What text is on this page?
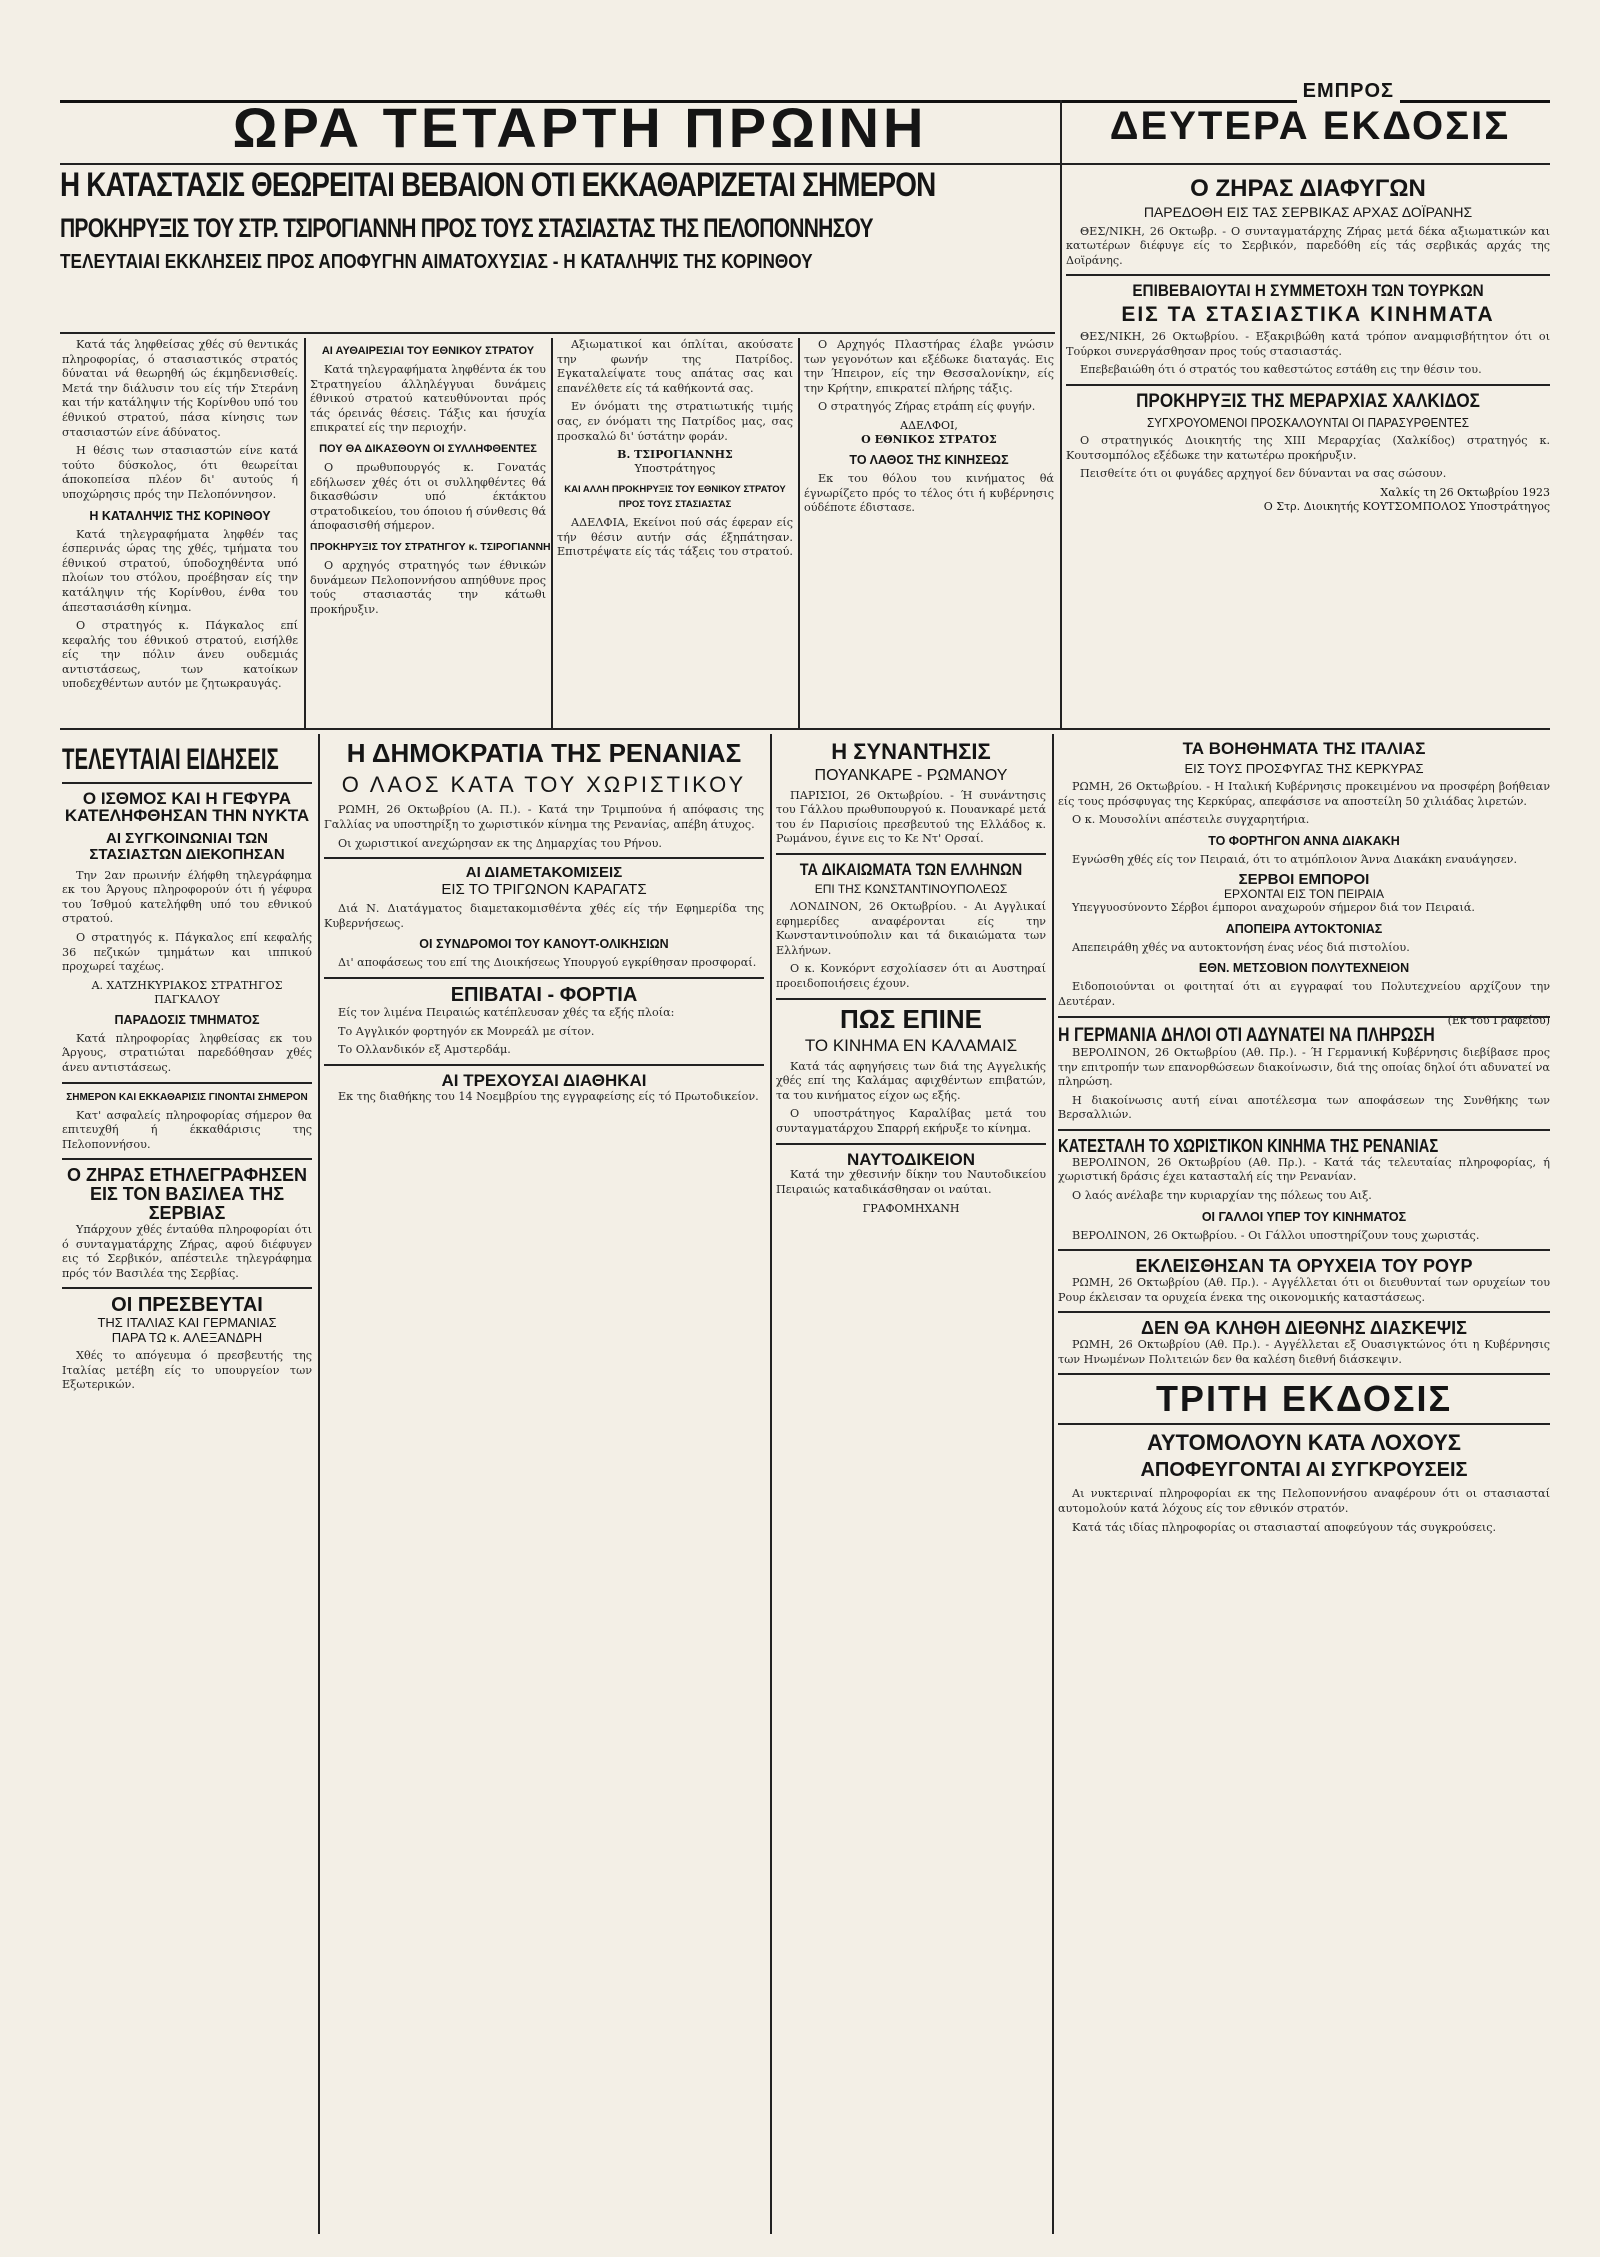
ΕΜΠΡΟΣ
ΩΡΑ ΤΕΤΑΡΤΗ ΠΡΩΙΝΗ	ΔΕΥΤΕΡΑ ΕΚΔΟΣΙΣ
Η ΚΑΤΑΣΤΑΣΙΣ ΘΕΩΡΕΙΤΑΙ ΒΕΒΑΙΟΝ ΟΤΙ ΕΚΚΑΘΑΡΙΖΕΤΑΙ ΣΗΜΕΡΟΝ
ΠΡΟΚΗΡΥΞΙΣ ΤΟΥ ΣΤΡ. ΤΣΙΡΟΓΙΑΝΝΗ ΠΡΟΣ ΤΟΥΣ ΣΤΑΣΙΑΣΤΑΣ ΤΗΣ ΠΕΛΟΠΟΝΝΗΣΟΥ
ΤΕΛΕΥΤΑΙΑΙ ΕΚΚΛΗΣΕΙΣ ΠΡΟΣ ΑΠΟΦΥΓΗΝ ΑΙΜΑΤΟΧΥΣΙΑΣ - Η ΚΑΤΑΛΗΨΙΣ ΤΗΣ ΚΟΡΙΝΘΟΥ

Κατά τάς ληφθείσας χθές σύ θεντικάς πληροφορίας, ό στασιαστικός στρατός δύναται νά θεωρηθή ώς έκμηδενισθείς. Μετά την διάλυσιν του είς τήν Στεράνη και τήν κατάληψιν τής Κορίνθου υπό του έθνικού στρατού, πάσα κίνησις των στασιαστών είνε άδύνατος.

Η θέσις των στασιαστών είνε κατά τούτο δύσκολος, ότι θεωρείται άποκοπείσα πλέον δι' αυτούς ή υποχώρησις πρός την Πελοπόννησον.

Η ΚΑΤΑΛΗΨΙΣ ΤΗΣ ΚΟΡΙΝΘΟΥ

Κατά τηλεγραφήματα ληφθέν τας έσπερινάς ώρας της χθές, τμήματα του έθνικού στρατού, ύποδοχηθέντα υπό πλοίων του στόλου, προέβησαν είς την κατάληψιν τής Κορίνθου, ένθα του άπεστασιάσθη κίνημα.

Ο στρατηγός κ. Πάγκαλος επί κεφαλής του έθνικού στρατού, εισήλθε είς την πόλιν άνευ ουδεμιάς αντιστάσεως, των κατοίκων υποδεχθέντων αυτόν με ζητωκραυγάς.

ΑΙ ΑΥΘΑΙΡΕΣΙΑΙ ΤΟΥ ΕΘΝΙΚΟΥ ΣΤΡΑΤΟΥ

Κατά τηλεγραφήματα ληφθέντα έκ του Στρατηγείου άλληλέγγυαι δυνάμεις έθνικού στρατού κατευθύνονται πρός τάς όρεινάς θέσεις. Τάξις και ήσυχία επικρατεί είς την περιοχήν.

ΠΟΥ ΘΑ ΔΙΚΑΣΘΟΥΝ ΟΙ ΣΥΛΛΗΦΘΕΝΤΕΣ

Ο πρωθυπουργός κ. Γονατάς εδήλωσεν χθές ότι οι συλληφθέντες θά δικασθώσιν υπό έκτάκτου στρατοδικείου, του όποιου ή σύνθεσις θά άποφασισθή σήμερον.

ΠΡΟΚΗΡΥΞΙΣ ΤΟΥ ΣΤΡΑΤΗΓΟΥ κ. ΤΣΙΡΟΓΙΑΝΝΗ

Ο αρχηγός στρατηγός των έθνικών δυνάμεων Πελοποννήσου απηύθυνε προς τούς στασιαστάς την κάτωθι προκήρυξιν.

Αξιωματικοί και όπλίται, ακούσατε την φωνήν της Πατρίδος. Εγκαταλείψατε τους απάτας σας και επανέλθετε είς τά καθήκοντά σας.

Εν όνόματι της στρατιωτικής τιμής σας, εν όνόματι της Πατρίδος μας, σας προσκαλώ δι' ύστάτην φοράν.

Β. ΤΣΙΡΟΓΙΑΝΝΗΣ
Υποστράτηγος
ΚΑΙ ΑΛΛΗ ΠΡΟΚΗΡΥΞΙΣ ΤΟΥ ΕΘΝΙΚΟΥ ΣΤΡΑΤΟΥ ΠΡΟΣ ΤΟΥΣ ΣΤΑΣΙΑΣΤΑΣ

ΑΔΕΛΦΙΑ, Εκείνοι πού σάς έφεραν είς τήν θέσιν αυτήν σάς έξηπάτησαν. Επιστρέψατε είς τάς τάξεις του στρατού.

Ο Αρχηγός Πλαστήρας έλαβε γνώσιν των γεγονότων και εξέδωκε διαταγάς. Εις την Ήπειρον, είς την Θεσσαλονίκην, είς την Κρήτην, επικρατεί πλήρης τάξις.

Ο στρατηγός Ζήρας ετράπη είς φυγήν.

ΑΔΕΛΦΟΙ,
Ο ΕΘΝΙΚΟΣ ΣΤΡΑΤΟΣ
ΤΟ ΛΑΘΟΣ ΤΗΣ ΚΙΝΗΣΕΩΣ

Εκ του θόλου του κινήματος θά έγνωρίζετο πρός το τέλος ότι ή κυβέρνησις ούδέποτε έδιστασε.

Ο ΖΗΡΑΣ ΔΙΑΦΥΓΩΝ
ΠΑΡΕΔΟΘΗ ΕΙΣ ΤΑΣ ΣΕΡΒΙΚΑΣ ΑΡΧΑΣ ΔΟΪΡΑΝΗΣ

ΘΕΣ/ΝΙΚΗ, 26 Οκτωβρ. - Ο συνταγματάρχης Ζήρας μετά δέκα αξιωματικών και κατωτέρων διέφυγε είς το Σερβικόν, παρεδόθη είς τάς σερβικάς αρχάς της Δοϊράνης.

ΕΠΙΒΕΒΑΙΟΥΤΑΙ Η ΣΥΜΜΕΤΟΧΗ ΤΩΝ ΤΟΥΡΚΩΝ
ΕΙΣ ΤΑ ΣΤΑΣΙΑΣΤΙΚΑ ΚΙΝΗΜΑΤΑ

ΘΕΣ/ΝΙΚΗ, 26 Οκτωβρίου. - Εξακριβώθη κατά τρόπον αναμφισβήτητον ότι οι Τούρκοι συνεργάσθησαν προς τούς στασιαστάς.

Επεβεβαιώθη ότι ό στρατός του καθεστώτος εστάθη εις την θέσιν του.

ΠΡΟΚΗΡΥΞΙΣ ΤΗΣ ΜΕΡΑΡΧΙΑΣ ΧΑΛΚΙΔΟΣ
ΣΥΓΧΡΟΥΟΜΕΝΟΙ ΠΡΟΣΚΑΛΟΥΝΤΑΙ ΟΙ ΠΑΡΑΣΥΡΘΕΝΤΕΣ

Ο στρατηγικός Διοικητής της ΧΙΙΙ Μεραρχίας (Χαλκίδος) στρατηγός κ. Κουτσομπόλος εξέδωκε την κατωτέρω προκήρυξιν.

Πεισθείτε ότι οι φυγάδες αρχηγοί δεν δύνανται να σας σώσουν.

Χαλκίς τη 26 Οκτωβρίου 1923
Ο Στρ. Διοικητής ΚΟΥΤΣΟΜΠΟΛΟΣ Υποστράτηγος
ΤΕΛΕΥΤΑΙΑΙ ΕΙΔΗΣΕΙΣ
Ο ΙΣΘΜΟΣ ΚΑΙ Η ΓΕΦΥΡΑ ΚΑΤΕΛΗΦΘΗΣΑΝ ΤΗΝ ΝΥΚΤΑ
ΑΙ ΣΥΓΚΟΙΝΩΝΙΑΙ ΤΩΝ ΣΤΑΣΙΑΣΤΩΝ ΔΙΕΚΟΠΗΣΑΝ

Την 2αν πρωινήν έλήφθη τηλεγράφημα εκ του Άργους πληροφορούν ότι ή γέφυρα του Ίσθμού κατελήφθη υπό του εθνικού στρατού.

Ο στρατηγός κ. Πάγκαλος επί κεφαλής 36 πεζικών τμημάτων και ιππικού προχωρεί ταχέως.

Α. ΧΑΤΖΗΚΥΡΙΑΚΟΣ ΣΤΡΑΤΗΓΟΣ ΠΑΓΚΑΛΟΥ
ΠΑΡΑΔΟΣΙΣ ΤΜΗΜΑΤΟΣ

Κατά πληροφορίας ληφθείσας εκ του Άργους, στρατιώται παρεδόθησαν χθές άνευ αντιστάσεως.

ΣΗΜΕΡΟΝ ΚΑΙ ΕΚΚΑΘΑΡΙΣΙΣ ΓΙΝΟΝΤΑΙ ΣΗΜΕΡΟΝ

Κατ' ασφαλείς πληροφορίας σήμερον θα επιτευχθή ή έκκαθάρισις της Πελοποννήσου.

Ο ΖΗΡΑΣ ΕΤΗΛΕΓΡΑΦΗΣΕΝ ΕΙΣ ΤΟΝ ΒΑΣΙΛΕΑ ΤΗΣ ΣΕΡΒΙΑΣ

Υπάρχουν χθές ένταύθα πληροφορίαι ότι ό συνταγματάρχης Ζήρας, αφού διέφυγεν εις τό Σερβικόν, απέστειλε τηλεγράφημα πρός τόν Βασιλέα της Σερβίας.

ΟΙ ΠΡΕΣΒΕΥΤΑΙ
ΤΗΣ ΙΤΑΛΙΑΣ ΚΑΙ ΓΕΡΜΑΝΙΑΣ
ΠΑΡΑ ΤΩ κ. ΑΛΕΞΑΝΔΡΗ

Χθές το απόγευμα ό πρεσβευτής της Ιταλίας μετέβη είς το υπουργείον των Εξωτερικών.

Η ΔΗΜΟΚΡΑΤΙΑ ΤΗΣ ΡΕΝΑΝΙΑΣ
Ο ΛΑΟΣ ΚΑΤΑ ΤΟΥ ΧΩΡΙΣΤΙΚΟΥ

ΡΩΜΗ, 26 Οκτωβρίου (Α. Π.). - Κατά την Τριμπούνα ή απόφασις της Γαλλίας να υποστηρίξη το χωριστικόν κίνημα της Ρενανίας, απέβη άτυχος.

Οι χωριστικοί ανεχώρησαν εκ της Δημαρχίας του Ρήνου.

ΑΙ ΔΙΑΜΕΤΑΚΟΜΙΣΕΙΣ
ΕΙΣ ΤΟ ΤΡΙΓΩΝΟΝ ΚΑΡΑΓΑΤΣ

Διά Ν. Διατάγματος διαμετακομισθέντα χθές είς τήν Εφημερίδα της Κυβερνήσεως.

ΟΙ ΣΥΝΔΡΟΜΟΙ ΤΟΥ ΚΑΝΟΥΤ-ΟΛΙΚΗΣΙΩΝ

Δι' αποφάσεως του επί της Διοικήσεως Υπουργού εγκρίθησαν προσφοραί.

ΕΠΙΒΑΤΑΙ - ΦΟΡΤΙΑ

Είς τον λιμένα Πειραιώς κατέπλευσαν χθές τα εξής πλοία:

Το Αγγλικόν φορτηγόν εκ Μονρεάλ με σίτον.

Το Ολλανδικόν εξ Αμστερδάμ.

ΑΙ ΤΡΕΧΟΥΣΑΙ ΔΙΑΘΗΚΑΙ

Εκ της διαθήκης του 14 Νοεμβρίου της εγγραφείσης είς τό Πρωτοδικείον.

Η ΣΥΝΑΝΤΗΣΙΣ
ΠΟΥΑΝΚΑΡΕ - ΡΩΜΑΝΟΥ

ΠΑΡΙΣΙΟΙ, 26 Οκτωβρίου. - Ή συνάντησις του Γάλλου πρωθυπουργού κ. Πουανκαρέ μετά του έν Παρισίοις πρεσβευτού της Ελλάδος κ. Ρωμάνου, έγινε εις το Κε Ντ' Ορσαί.

ΤΑ ΔΙΚΑΙΩΜΑΤΑ ΤΩΝ ΕΛΛΗΝΩΝ
ΕΠΙ ΤΗΣ ΚΩΝΣΤΑΝΤΙΝΟΥΠΟΛΕΩΣ

ΛΟΝΔΙΝΟΝ, 26 Οκτωβρίου. - Αι Αγγλικαί εφημερίδες αναφέρονται είς την Κωνσταντινούπολιν και τά δικαιώματα των Ελλήνων.

Ο κ. Κονκόρντ εσχολίασεν ότι αι Αυστηραί προειδοποιήσεις έχουν.

ΠΩΣ ΕΠΙΝΕ
ΤΟ ΚΙΝΗΜΑ ΕΝ ΚΑΛΑΜΑΙΣ

Κατά τάς αφηγήσεις των διά της Αγγελικής χθές επί της Καλάμας αφιχθέντων επιβατών, τα του κινήματος είχον ως εξής.

Ο υποστράτηγος Καραλίβας μετά του συνταγματάρχου Σπαρρή εκήρυξε το κίνημα.

ΝΑΥΤΟΔΙΚΕΙΟΝ

Κατά την χθεσινήν δίκην του Ναυτοδικείου Πειραιώς καταδικάσθησαν οι ναύται.

ΓΡΑΦΟΜΗΧΑΝΗ
Η ΓΕΡΜΑΝΙΑ ΔΗΛΟΙ ΟΤΙ ΑΔΥΝΑΤΕΙ ΝΑ ΠΛΗΡΩΣΗ

ΒΕΡΟΛΙΝΟΝ, 26 Οκτωβρίου (Αθ. Πρ.). - Ή Γερμανική Κυβέρνησις διεβίβασε προς την επιτροπήν των επανορθώσεων διακοίνωσιν, διά της οποίας δηλοί ότι αδυνατεί να πληρώση.

Η διακοίνωσις αυτή είναι αποτέλεσμα των αποφάσεων της Συνθήκης των Βερσαλλιών.

ΚΑΤΕΣΤΑΛΗ ΤΟ ΧΩΡΙΣΤΙΚΟΝ ΚΙΝΗΜΑ ΤΗΣ ΡΕΝΑΝΙΑΣ

ΒΕΡΟΛΙΝΟΝ, 26 Οκτωβρίου (Αθ. Πρ.). - Κατά τάς τελευταίας πληροφορίας, ή χωριστική δράσις έχει κατασταλή είς την Ρενανίαν.

Ο λαός ανέλαβε την κυριαρχίαν της πόλεως του Αιξ.

ΟΙ ΓΑΛΛΟΙ ΥΠΕΡ ΤΟΥ ΚΙΝΗΜΑΤΟΣ

ΒΕΡΟΛΙΝΟΝ, 26 Οκτωβρίου. - Οι Γάλλοι υποστηρίζουν τους χωριστάς.

ΕΚΛΕΙΣΘΗΣΑΝ ΤΑ ΟΡΥΧΕΙΑ ΤΟΥ ΡΟΥΡ

ΡΩΜΗ, 26 Οκτωβρίου (Αθ. Πρ.). - Αγγέλλεται ότι οι διευθυνταί των ορυχείων του Ρουρ έκλεισαν τα ορυχεία ένεκα της οικονομικής καταστάσεως.

ΔΕΝ ΘΑ ΚΛΗΘΗ ΔΙΕΘΝΗΣ ΔΙΑΣΚΕΨΙΣ

ΡΩΜΗ, 26 Οκτωβρίου (Αθ. Πρ.). - Αγγέλλεται εξ Ουασιγκτώνος ότι η Κυβέρνησις των Ηνωμένων Πολιτειών δεν θα καλέση διεθνή διάσκεψιν.

ΤΡΙΤΗ ΕΚΔΟΣΙΣ
ΑΥΤΟΜΟΛΟΥΝ ΚΑΤΑ ΛΟΧΟΥΣ
ΑΠΟΦΕΥΓΟΝΤΑΙ ΑΙ ΣΥΓΚΡΟΥΣΕΙΣ

Αι νυκτεριναί πληροφορίαι εκ της Πελοποννήσου αναφέρουν ότι οι στασιασταί αυτομολούν κατά λόχους είς τον εθνικόν στρατόν.

Κατά τάς ιδίας πληροφορίας οι στασιασταί αποφεύγουν τάς συγκρούσεις.

ΤΑ ΒΟΗΘΗΜΑΤΑ ΤΗΣ ΙΤΑΛΙΑΣ
ΕΙΣ ΤΟΥΣ ΠΡΟΣΦΥΓΑΣ ΤΗΣ ΚΕΡΚΥΡΑΣ

ΡΩΜΗ, 26 Οκτωβρίου. - Η Ιταλική Κυβέρνησις προκειμένου να προσφέρη βοήθειαν είς τους πρόσφυγας της Κερκύρας, απεφάσισε να αποστείλη 50 χιλιάδας λιρετών.

Ο κ. Μουσολίνι απέστειλε συγχαρητήρια.

ΤΟ ΦΟΡΤΗΓΟΝ ΑΝΝΑ ΔΙΑΚΑΚΗ

Εγνώσθη χθές είς τον Πειραιά, ότι το ατμόπλοιον Άννα Διακάκη εναυάγησεν.

ΣΕΡΒΟΙ ΕΜΠΟΡΟΙ
ΕΡΧΟΝΤΑΙ ΕΙΣ ΤΟΝ ΠΕΙΡΑΙΑ

Υπεγγυοσύνοντο Σέρβοι έμποροι αναχωρούν σήμερον διά τον Πειραιά.

ΑΠΟΠΕΙΡΑ ΑΥΤΟΚΤΟΝΙΑΣ

Απεπειράθη χθές να αυτοκτονήση ένας νέος διά πιστολίου.

ΕΘΝ. ΜΕΤΣΟΒΙΟΝ ΠΟΛΥΤΕΧΝΕΙΟΝ

Ειδοποιούνται οι φοιτηταί ότι αι εγγραφαί του Πολυτεχνείου αρχίζουν την Δευτέραν.

(Εκ του Γραφείου)
